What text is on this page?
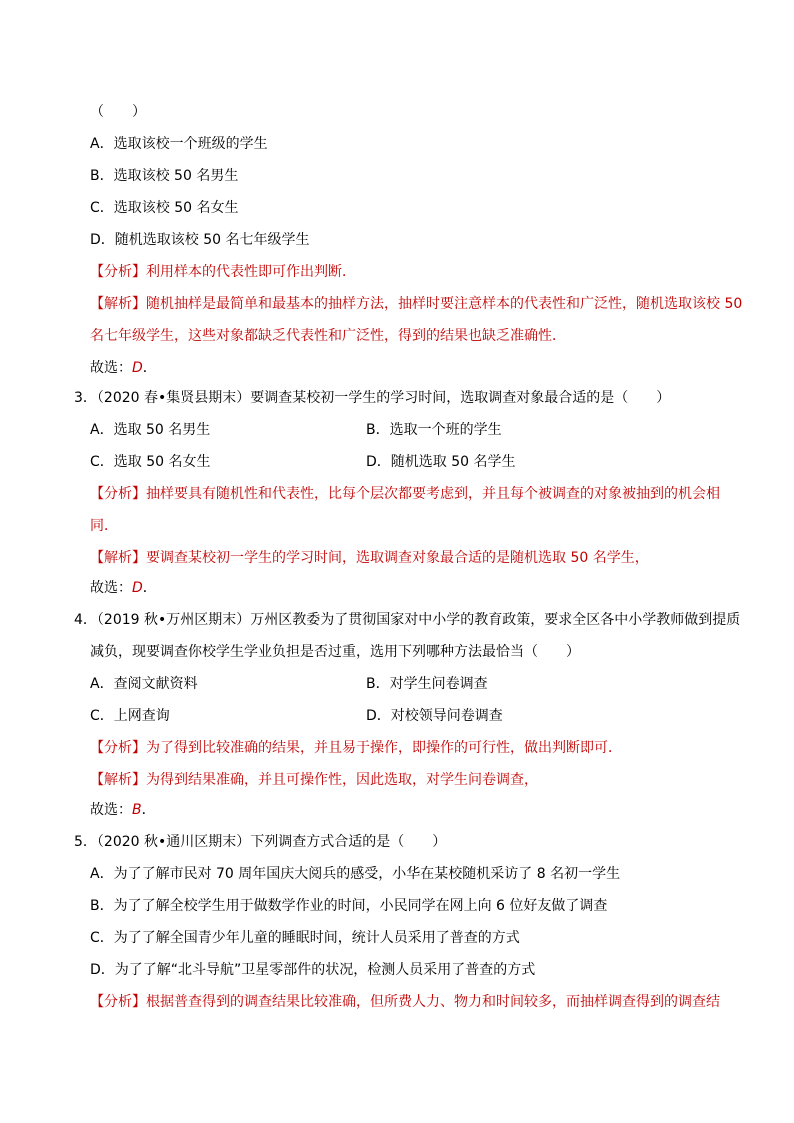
（　　）
A．选取该校一个班级的学生
B．选取该校 50 名男生
C．选取该校 50 名女生
D．随机选取该校 50 名七年级学生
【分析】利用样本的代表性即可作出判断．
【解析】随机抽样是最简单和最基本的抽样方法，抽样时要注意样本的代表性和广泛性，随机选取该校 50
名七年级学生，这些对象都缺乏代表性和广泛性，得到的结果也缺乏准确性．
故选：D．
3．（2020 春•集贤县期末）要调查某校初一学生的学习时间，选取调查对象最合适的是（　　）
A．选取 50 名男生	B．选取一个班的学生
C．选取 50 名女生	D．随机选取 50 名学生
【分析】抽样要具有随机性和代表性，比每个层次都要考虑到，并且每个被调查的对象被抽到的机会相
同．
【解析】要调查某校初一学生的学习时间，选取调查对象最合适的是随机选取 50 名学生，
故选：D．
4．（2019 秋•万州区期末）万州区教委为了贯彻国家对中小学的教育政策，要求全区各中小学教师做到提质
减负，现要调查你校学生学业负担是否过重，选用下列哪种方法最恰当（　　）
A．查阅文献资料	B．对学生问卷调查
C．上网查询	D．对校领导问卷调查
【分析】为了得到比较准确的结果，并且易于操作，即操作的可行性，做出判断即可．
【解析】为得到结果准确，并且可操作性，因此选取，对学生问卷调查，
故选：B．
5．（2020 秋•通川区期末）下列调查方式合适的是（　　）
A．为了了解市民对 70 周年国庆大阅兵的感受，小华在某校随机采访了 8 名初一学生
B．为了了解全校学生用于做数学作业的时间，小民同学在网上向 6 位好友做了调查
C．为了了解全国青少年儿童的睡眠时间，统计人员采用了普查的方式
D．为了了解“北斗导航”卫星零部件的状况，检测人员采用了普查的方式
【分析】根据普查得到的调查结果比较准确，但所费人力、物力和时间较多，而抽样调查得到的调查结
